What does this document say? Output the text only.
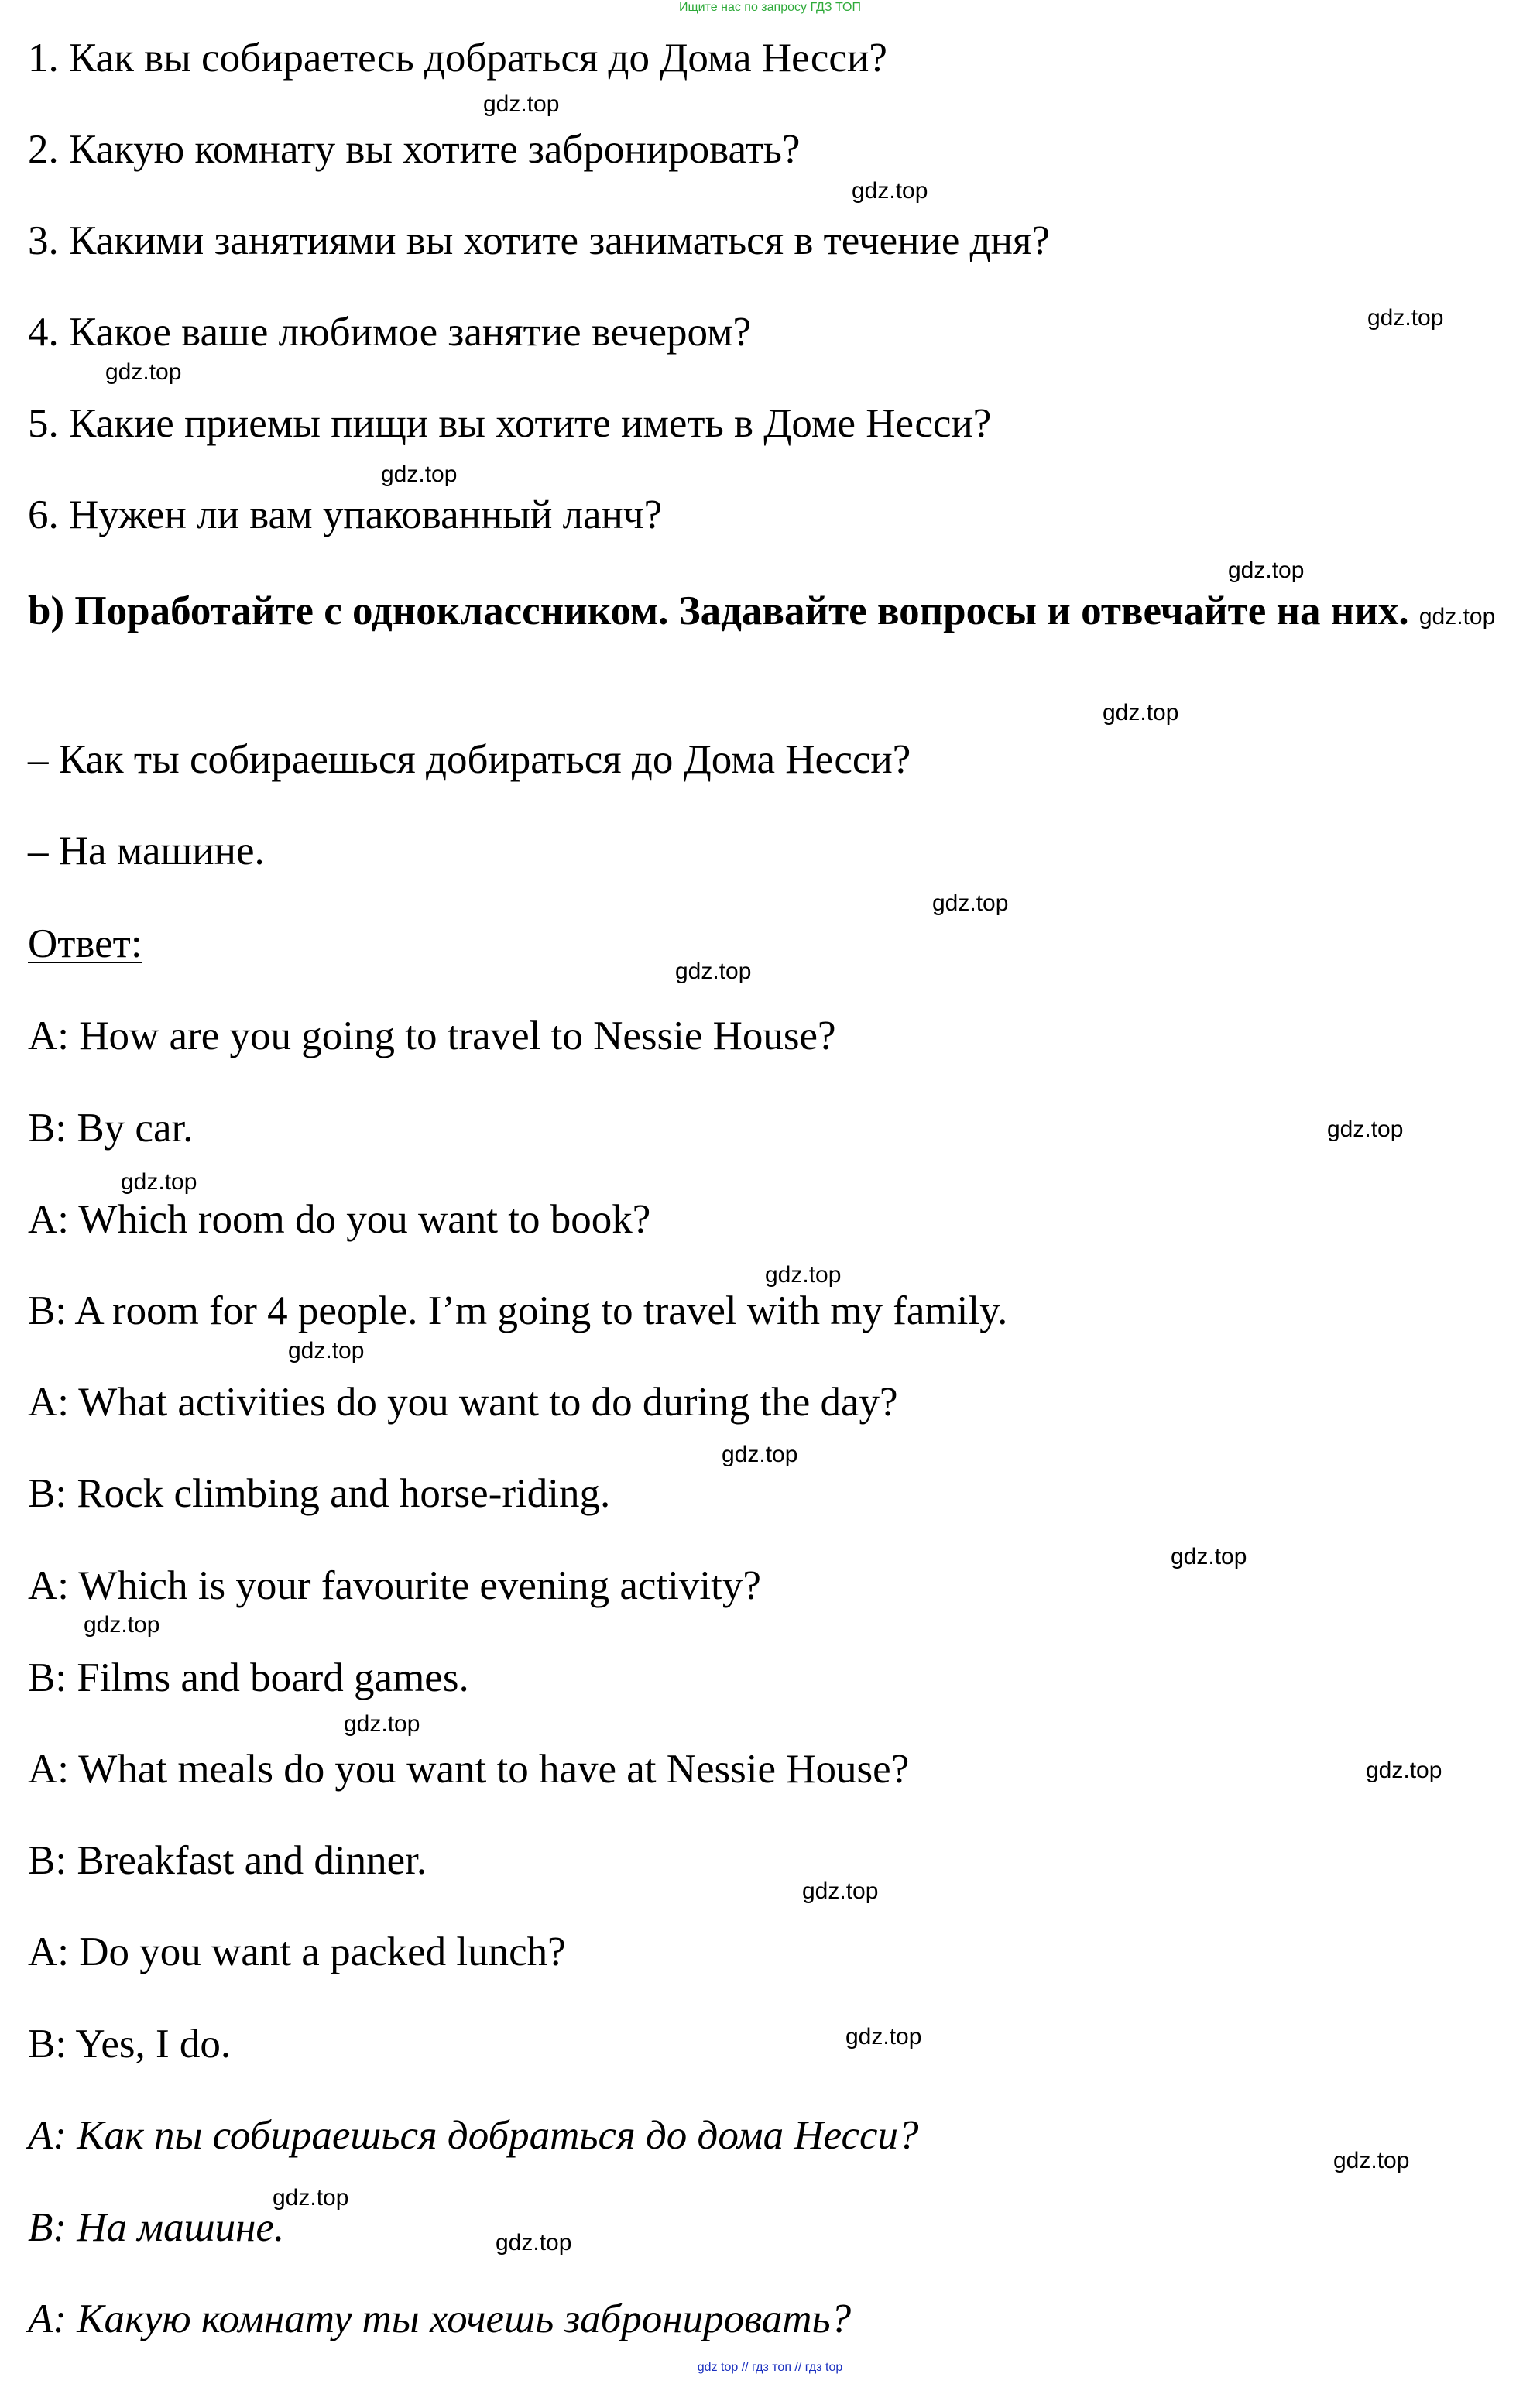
Ищите нас по запросу ГДЗ ТОП

1. Как вы собираетесь добраться до Дома Несси?

2. Какую комнату вы хотите забронировать?

3. Какими занятиями вы хотите заниматься в течение дня?

4. Какое ваше любимое занятие вечером?

5. Какие приемы пищи вы хотите иметь в Доме Несси?

6. Нужен ли вам упакованный ланч?

b) Поработайте с одноклассником. Задавайте вопросы и отвечайте на них. gdz.top

– Как ты собираешься добираться до Дома Несси?

– На машине.

Ответ:

A: How are you going to travel to Nessie House?

B: By car.

A: Which room do you want to book?

B: A room for 4 people. I’m going to travel with my family.

A: What activities do you want to do during the day?

B: Rock climbing and horse-riding.

A: Which is your favourite evening activity?

B: Films and board games.

A: What meals do you want to have at Nessie House?

B: Breakfast and dinner.

A: Do you want a packed lunch?

B: Yes, I do.

А: Как пы собираешься добраться до дома Несси?

В: На машине.

А: Какую комнату ты хочешь забронировать?

gdz.top

gdz.top

gdz.top

gdz.top

gdz.top

gdz.top

gdz.top

gdz.top

gdz.top

gdz.top

gdz.top

gdz.top

gdz.top

gdz.top

gdz.top

gdz.top

gdz.top

gdz.top

gdz.top

gdz.top

gdz.top

gdz.top

gdz.top

gdz top // гдз топ // гдз top
